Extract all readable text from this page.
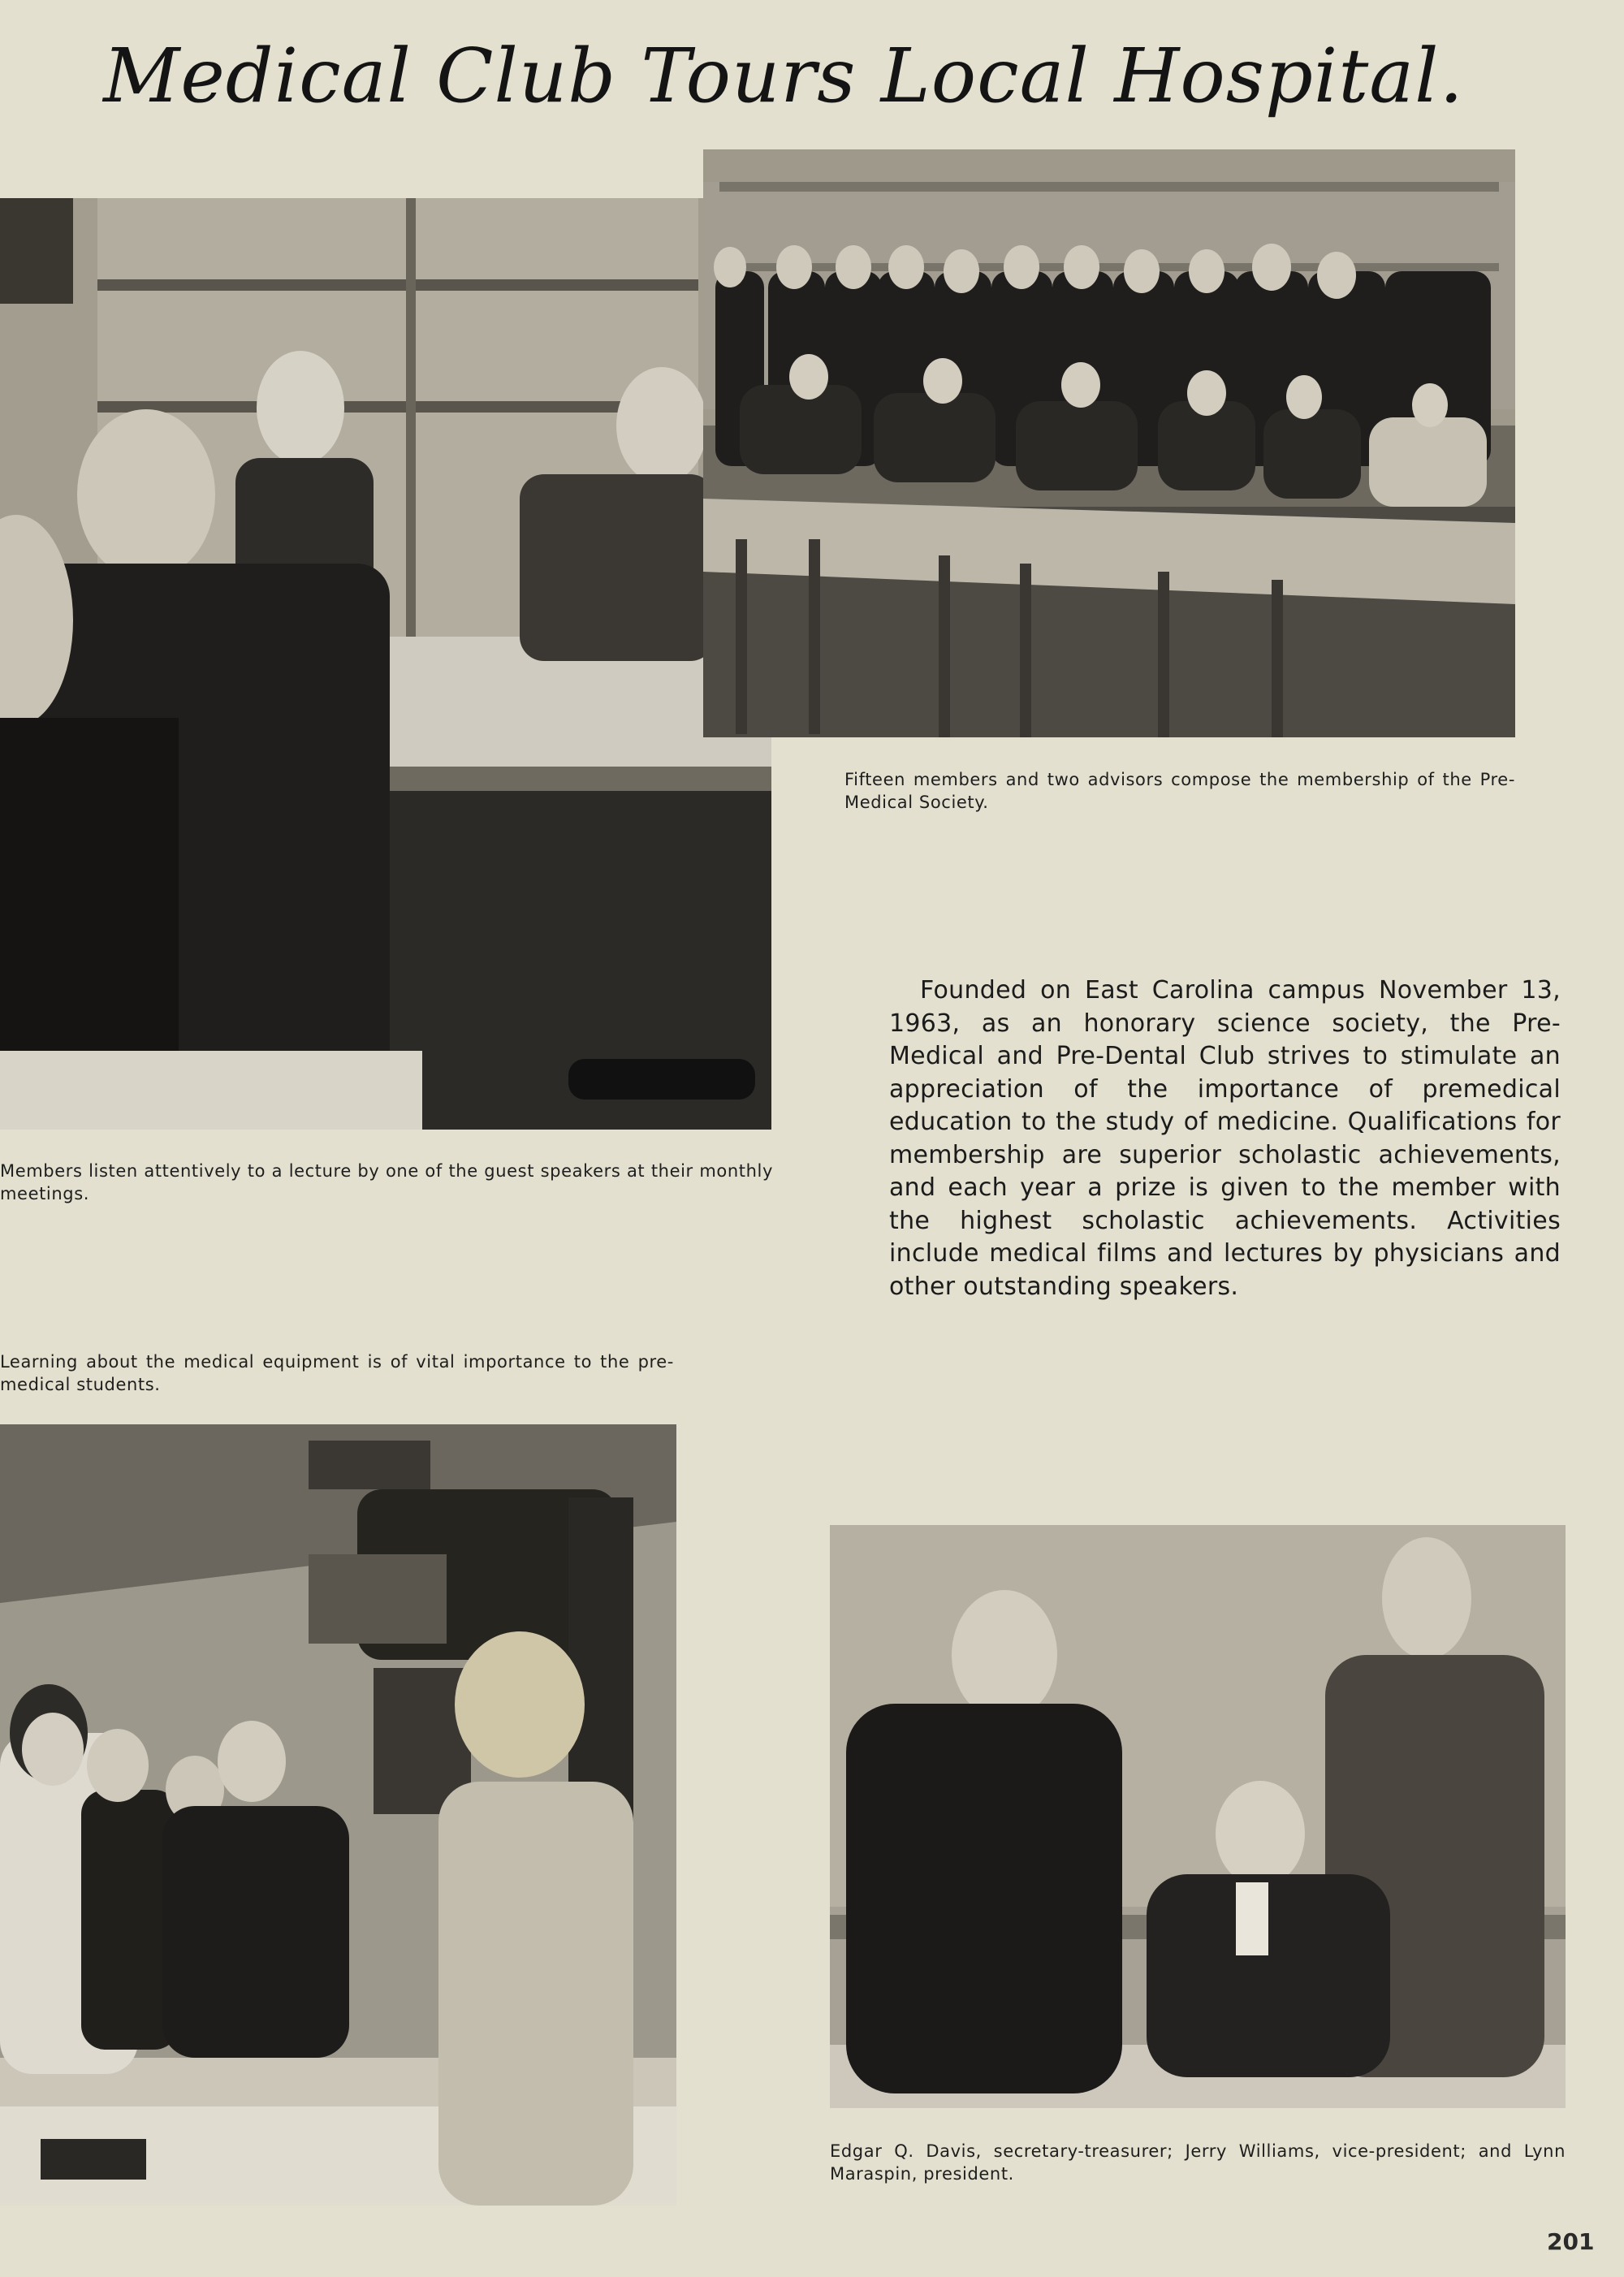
Medical Club Tours Local Hospital.
Members listen attentively to a lecture by one of the guest speakers at their monthly meetings.
Fifteen members and two advisors compose the membership of the Pre-Medical Society.

Founded on East Carolina campus November 13, 1963, as an honorary science society, the Pre-Medical and Pre-Dental Club strives to stimulate an appreciation of the importance of premedical education to the study of medicine. Qualifications for membership are superior scholastic achievements, and each year a prize is given to the member with the highest scholastic achievements. Activities include medical films and lectures by physicians and other outstanding speakers.

Learning about the medical equipment is of vital importance to the pre-medical students.
Edgar Q. Davis, secretary-treasurer; Jerry Williams, vice-president; and Lynn Maraspin, president.
201
